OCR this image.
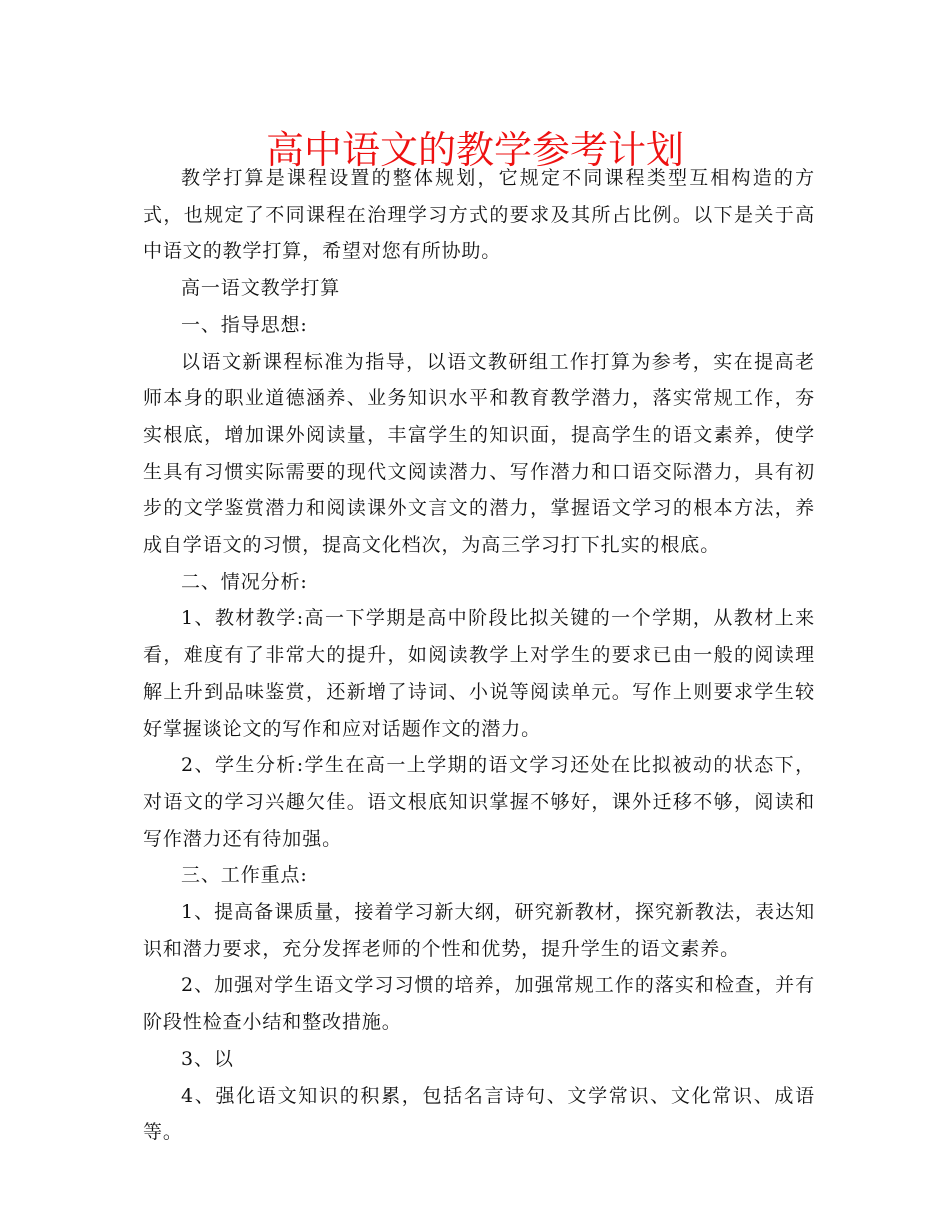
高中语文的教学参考计划

教学打算是课程设置的整体规划，它规定不同课程类型互相构造的方式，也规定了不同课程在治理学习方式的要求及其所占比例。以下是关于高中语文的教学打算，希望对您有所协助。

高一语文教学打算

一、指导思想:

以语文新课程标准为指导，以语文教研组工作打算为参考，实在提高老师本身的职业道德涵养、业务知识水平和教育教学潜力，落实常规工作，夯实根底，增加课外阅读量，丰富学生的知识面，提高学生的语文素养，使学生具有习惯实际需要的现代文阅读潜力、写作潜力和口语交际潜力，具有初步的文学鉴赏潜力和阅读课外文言文的潜力，掌握语文学习的根本方法，养成自学语文的习惯，提高文化档次，为高三学习打下扎实的根底。

二、情况分析:

1、教材教学:高一下学期是高中阶段比拟关键的一个学期，从教材上来看，难度有了非常大的提升，如阅读教学上对学生的要求已由一般的阅读理解上升到品味鉴赏，还新增了诗词、小说等阅读单元。写作上则要求学生较好掌握谈论文的写作和应对话题作文的潜力。

2、学生分析:学生在高一上学期的语文学习还处在比拟被动的状态下，对语文的学习兴趣欠佳。语文根底知识掌握不够好，课外迁移不够，阅读和写作潜力还有待加强。

三、工作重点:

1、提高备课质量，接着学习新大纲，研究新教材，探究新教法，表达知识和潜力要求，充分发挥老师的个性和优势，提升学生的语文素养。

2、加强对学生语文学习习惯的培养，加强常规工作的落实和检查，并有阶段性检查小结和整改措施。

3、以

4、强化语文知识的积累，包括名言诗句、文学常识、文化常识、成语等。
